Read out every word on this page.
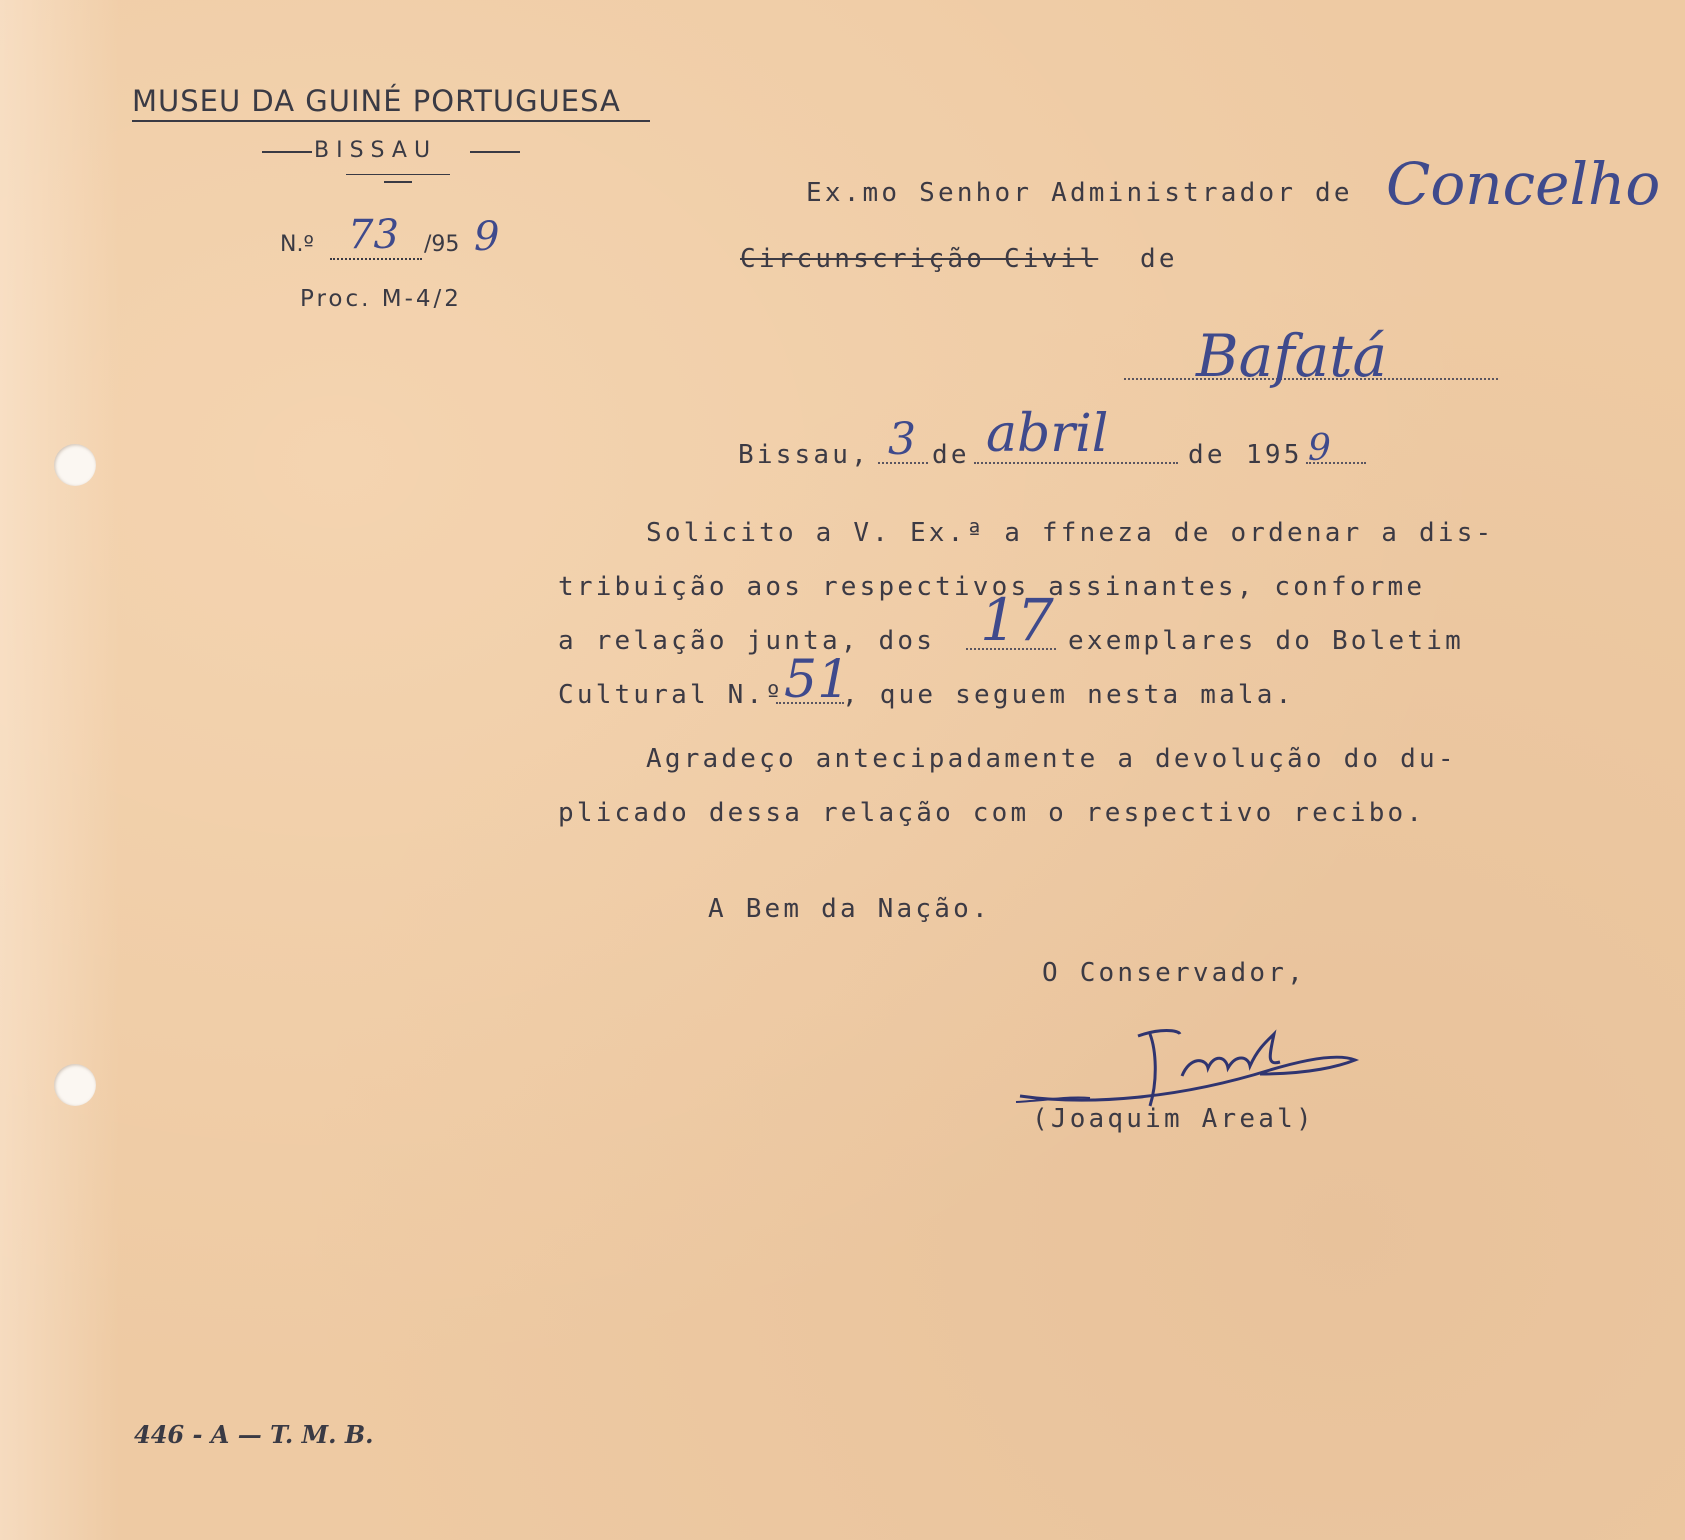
MUSEU DA GUINÉ PORTUGUESA
BISSAU
N.º 73 /95 9
Proc. M-4/2
Ex.mo Senhor Administrador de Concelho
Circunscrição Civil de
Bafatá
Bissau, 3 de abril	de 195 9
Solicito a V. Ex.ª a ffneza de ordenar a dis-
tribuição aos respectivos assinantes, conforme
a relação junta, dos 17 exemplares do Boletim
Cultural N.º 51
, que seguem nesta mala.
Agradeço antecipadamente a devolução do du-
plicado dessa relação com o respectivo recibo.
A Bem da Nação.
O Conservador,
(Joaquim Areal)
446 - A — T. M. B.
